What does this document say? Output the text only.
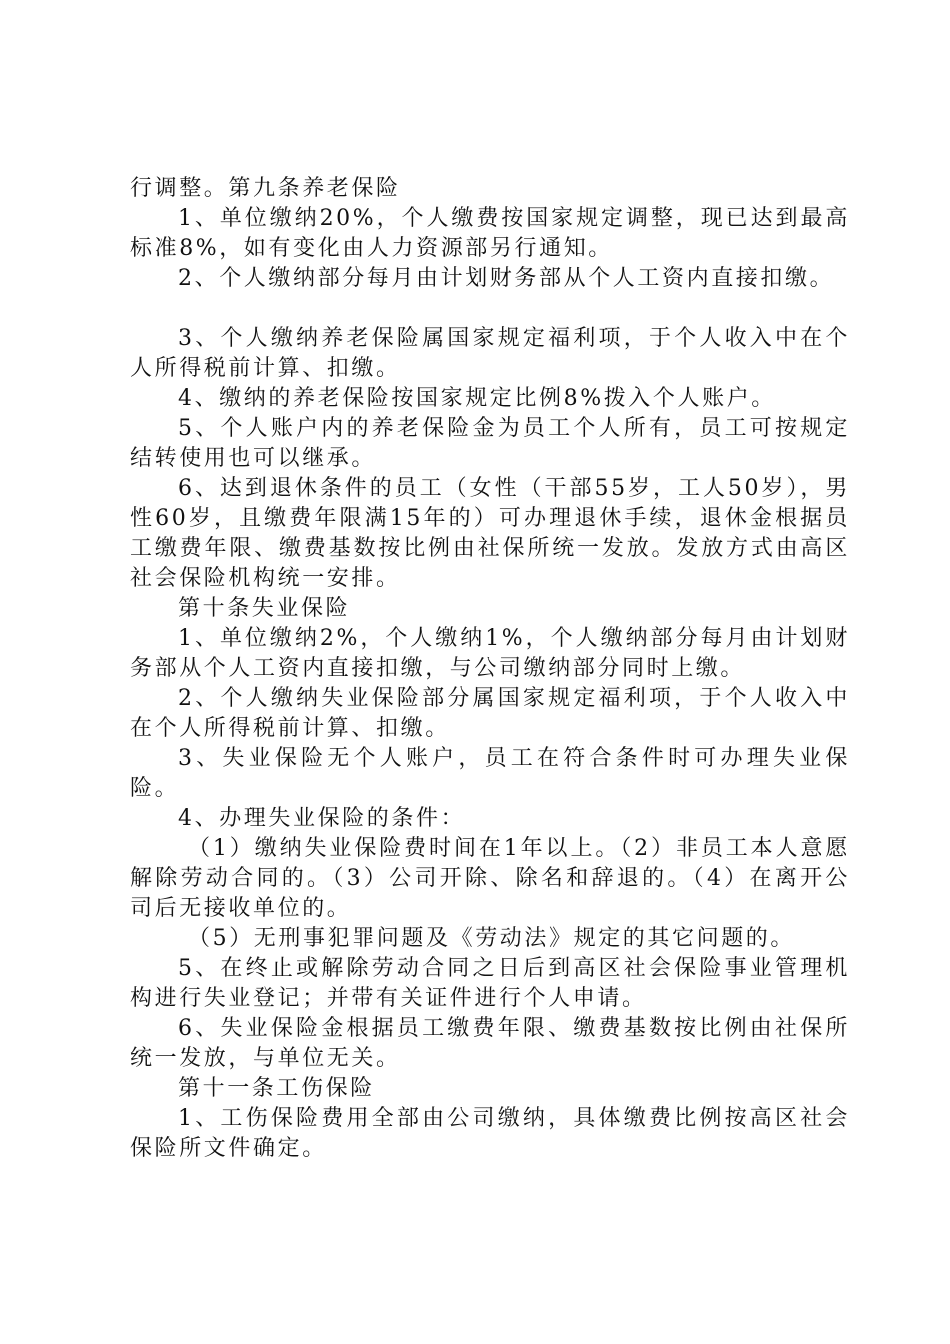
行调整。第九条养老保险

1、单位缴纳20%，个人缴费按国家规定调整，现已达到最高标准8%，如有变化由人力资源部另行通知。

2、个人缴纳部分每月由计划财务部从个人工资内直接扣缴。

3、个人缴纳养老保险属国家规定福利项，于个人收入中在个人所得税前计算、扣缴。

4、缴纳的养老保险按国家规定比例8%拨入个人账户。

5、个人账户内的养老保险金为员工个人所有，员工可按规定结转使用也可以继承。

6、达到退休条件的员工（女性（干部55岁，工人50岁），男性60岁，且缴费年限满15年的）可办理退休手续，退休金根据员工缴费年限、缴费基数按比例由社保所统一发放。发放方式由高区社会保险机构统一安排。

第十条失业保险

1、单位缴纳2%，个人缴纳1%，个人缴纳部分每月由计划财务部从个人工资内直接扣缴，与公司缴纳部分同时上缴。

2、个人缴纳失业保险部分属国家规定福利项，于个人收入中在个人所得税前计算、扣缴。

3、失业保险无个人账户，员工在符合条件时可办理失业保险。

4、办理失业保险的条件：

（1）缴纳失业保险费时间在1年以上。（2）非员工本人意愿解除劳动合同的。（3）公司开除、除名和辞退的。（4）在离开公司后无接收单位的。

（5）无刑事犯罪问题及《劳动法》规定的其它问题的。

5、在终止或解除劳动合同之日后到高区社会保险事业管理机构进行失业登记；并带有关证件进行个人申请。

6、失业保险金根据员工缴费年限、缴费基数按比例由社保所统一发放，与单位无关。

第十一条工伤保险

1、工伤保险费用全部由公司缴纳，具体缴费比例按高区社会保险所文件确定。
